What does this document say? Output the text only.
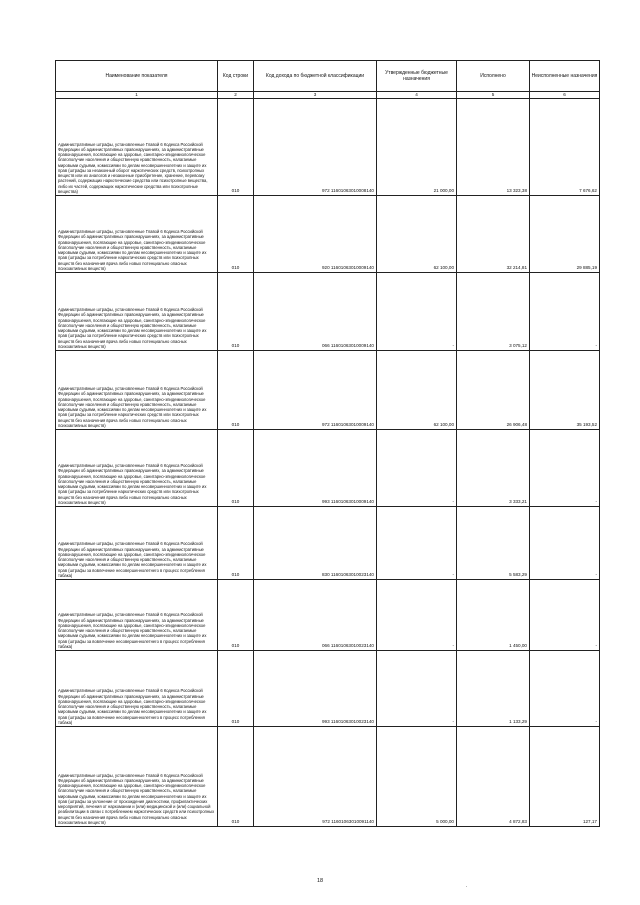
Наименование показателя	Код строки	Код дохода по бюджетной классификации	Утвержденные бюджетные назначения	Исполнено	Неисполненные назначения
1	2	3	4	5	6
Административные штрафы, установленные Главой 6 Кодекса Российской Федерации об административных правонарушениях, за административные правонарушения, посягающие на здоровье, санитарно-эпидемиологическое благополучие населения и общественную нравственность, налагаемые мировыми судьями, комиссиями по делам несовершеннолетних и защите их прав (штрафы за незаконный оборот наркотических средств, психотропных веществ или их аналогов и незаконные приобретение, хранение, перевозку растений, содержащих наркотические средства или психотропные вещества, либо их частей, содержащих наркотические средства или психотропные вещества)	010	972 11601063010008140	21 000,00	13 323,38	7 676,62
Административные штрафы, установленные Главой 6 Кодекса Российской Федерации об административных правонарушениях, за административные правонарушения, посягающие на здоровье, санитарно-эпидемиологическое благополучие населения и общественную нравственность, налагаемые мировыми судьями, комиссиями по делам несовершеннолетних и защите их прав (штрафы за потребление наркотических средств или психотропных веществ без назначения врача либо новых потенциально опасных психоактивных веществ)	010	920 11601063010009140	62 100,00	32 214,81	29 885,19
Административные штрафы, установленные Главой 6 Кодекса Российской Федерации об административных правонарушениях, за административные правонарушения, посягающие на здоровье, санитарно-эпидемиологическое благополучие населения и общественную нравственность, налагаемые мировыми судьями, комиссиями по делам несовершеннолетних и защите их прав (штрафы за потребление наркотических средств или психотропных веществ без назначения врача либо новых потенциально опасных психоактивных веществ)	010	066 11601063010009140	-	3 075,12	-
Административные штрафы, установленные Главой 6 Кодекса Российской Федерации об административных правонарушениях, за административные правонарушения, посягающие на здоровье, санитарно-эпидемиологическое благополучие населения и общественную нравственность, налагаемые мировыми судьями, комиссиями по делам несовершеннолетних и защите их прав (штрафы за потребление наркотических средств или психотропных веществ без назначения врача либо новых потенциально опасных психоактивных веществ)	010	972 11601063010009140	62 100,00	26 906,48	35 193,52
Административные штрафы, установленные Главой 6 Кодекса Российской Федерации об административных правонарушениях, за административные правонарушения, посягающие на здоровье, санитарно-эпидемиологическое благополучие населения и общественную нравственность, налагаемые мировыми судьями, комиссиями по делам несовершеннолетних и защите их прав (штрафы за потребление наркотических средств или психотропных веществ без назначения врача либо новых потенциально опасных психоактивных веществ)	010	993 11601063010009140	-	3 333,21	-
Административные штрафы, установленные Главой 6 Кодекса Российской Федерации об административных правонарушениях, за административные правонарушения, посягающие на здоровье, санитарно-эпидемиологическое благополучие населения и общественную нравственность, налагаемые мировыми судьями, комиссиями по делам несовершеннолетних и защите их прав (штрафы за вовлечение несовершеннолетнего в процесс потребления табака)	010	830 11601063010023140	-	5 583,29	-
Административные штрафы, установленные Главой 6 Кодекса Российской Федерации об административных правонарушениях, за административные правонарушения, посягающие на здоровье, санитарно-эпидемиологическое благополучие населения и общественную нравственность, налагаемые мировыми судьями, комиссиями по делам несовершеннолетних и защите их прав (штрафы за вовлечение несовершеннолетнего в процесс потребления табака)	010	066 11601063010023140	-	1 450,00	-
Административные штрафы, установленные Главой 6 Кодекса Российской Федерации об административных правонарушениях, за административные правонарушения, посягающие на здоровье, санитарно-эпидемиологическое благополучие населения и общественную нравственность, налагаемые мировыми судьями, комиссиями по делам несовершеннолетних и защите их прав (штрафы за вовлечение несовершеннолетнего в процесс потребления табака)	010	993 11601063010023140	-	1 133,29	-
Административные штрафы, установленные Главой 6 Кодекса Российской Федерации об административных правонарушениях, за административные правонарушения, посягающие на здоровье, санитарно-эпидемиологическое благополучие населения и общественную нравственность, налагаемые мировыми судьями, комиссиями по делам несовершеннолетних и защите их прав (штрафы за уклонение от прохождения диагностики, профилактических мероприятий, лечения от наркомании и (или) медицинской и (или) социальной реабилитации в связи с потреблением наркотических средств или психотропных веществ без назначения врача либо новых потенциально опасных психоактивных веществ)	010	972 11601063010091140	5 000,00	4 872,83	127,17
18
.
